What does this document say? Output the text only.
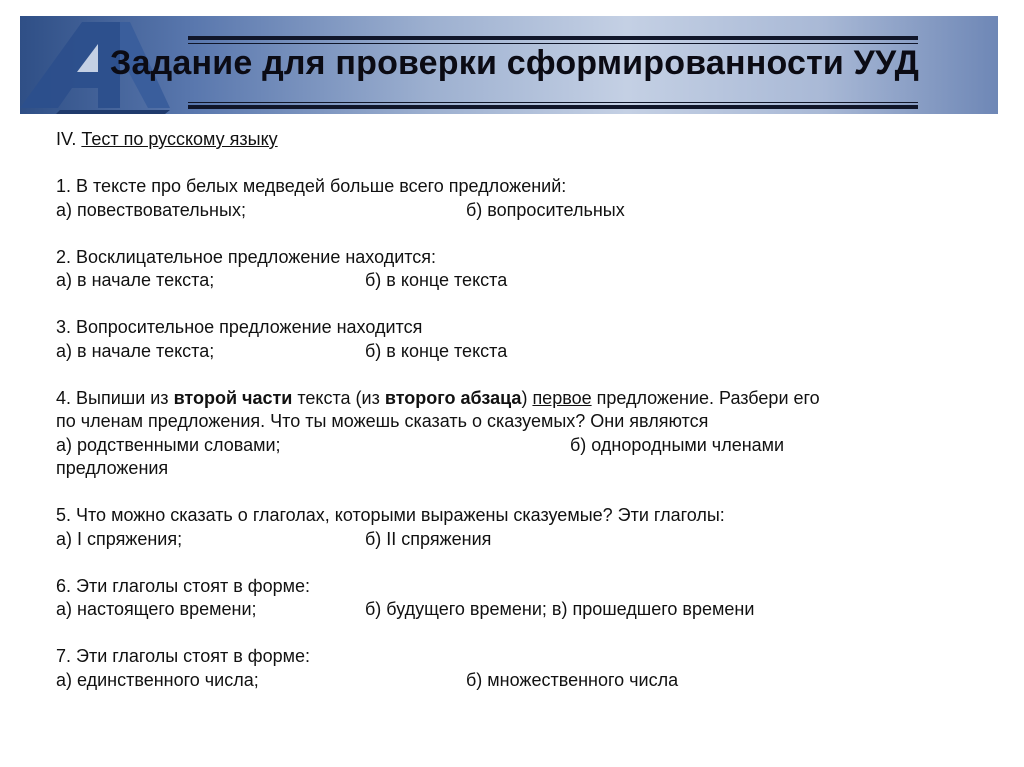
Задание для проверки сформированности УУД
IV. Тест по русскому языку
1. В тексте про белых медведей больше всего предложений:
а) повествовательных;	б) вопросительных
2. Восклицательное предложение находится:
а) в начале текста;	б) в конце текста
3. Вопросительное предложение находится
а) в начале текста;	б) в конце текста
4. Выпиши из второй части текста (из второго абзаца) первое предложение. Разбери его
по членам предложения. Что ты можешь сказать о сказуемых? Они являются
а) родственными словами;	б) однородными членами
предложения
5. Что можно сказать о глаголах, которыми выражены сказуемые? Эти глаголы:
а) I спряжения;	б) II спряжения
6. Эти глаголы стоят в форме:
а) настоящего времени;	б) будущего времени; в) прошедшего времени
7. Эти глаголы стоят в форме:
а) единственного числа;	б) множественного числа
